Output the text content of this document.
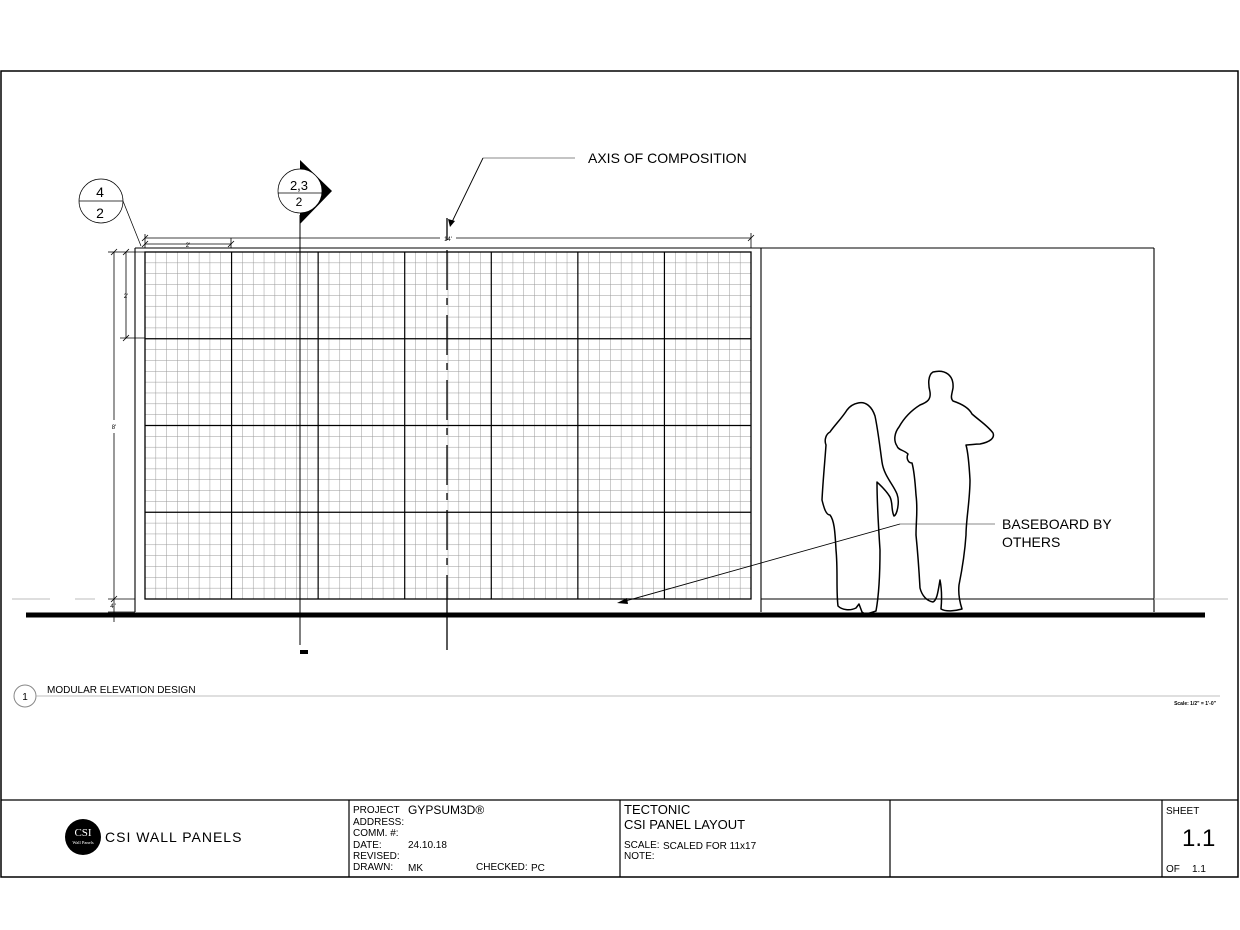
AXIS OF COMPOSITION
BASEBOARD BY
OTHERS
2'
14'
2'
8'
4"
4
2
2,3
2
1
MODULAR ELEVATION DESIGN
Scale: 1/2" = 1'-0"
CSI
Wall Panels CSI WALL PANELS
PROJECT GYPSUM3D®
ADDRESS:
COMM. #:
DATE:	24.10.18
REVISED:
DRAWN: MK	CHECKED: PC
TECTONIC
CSI PANEL LAYOUT
SCALE: SCALED FOR 11x17
NOTE:
SHEET
1.1
OF 1.1
